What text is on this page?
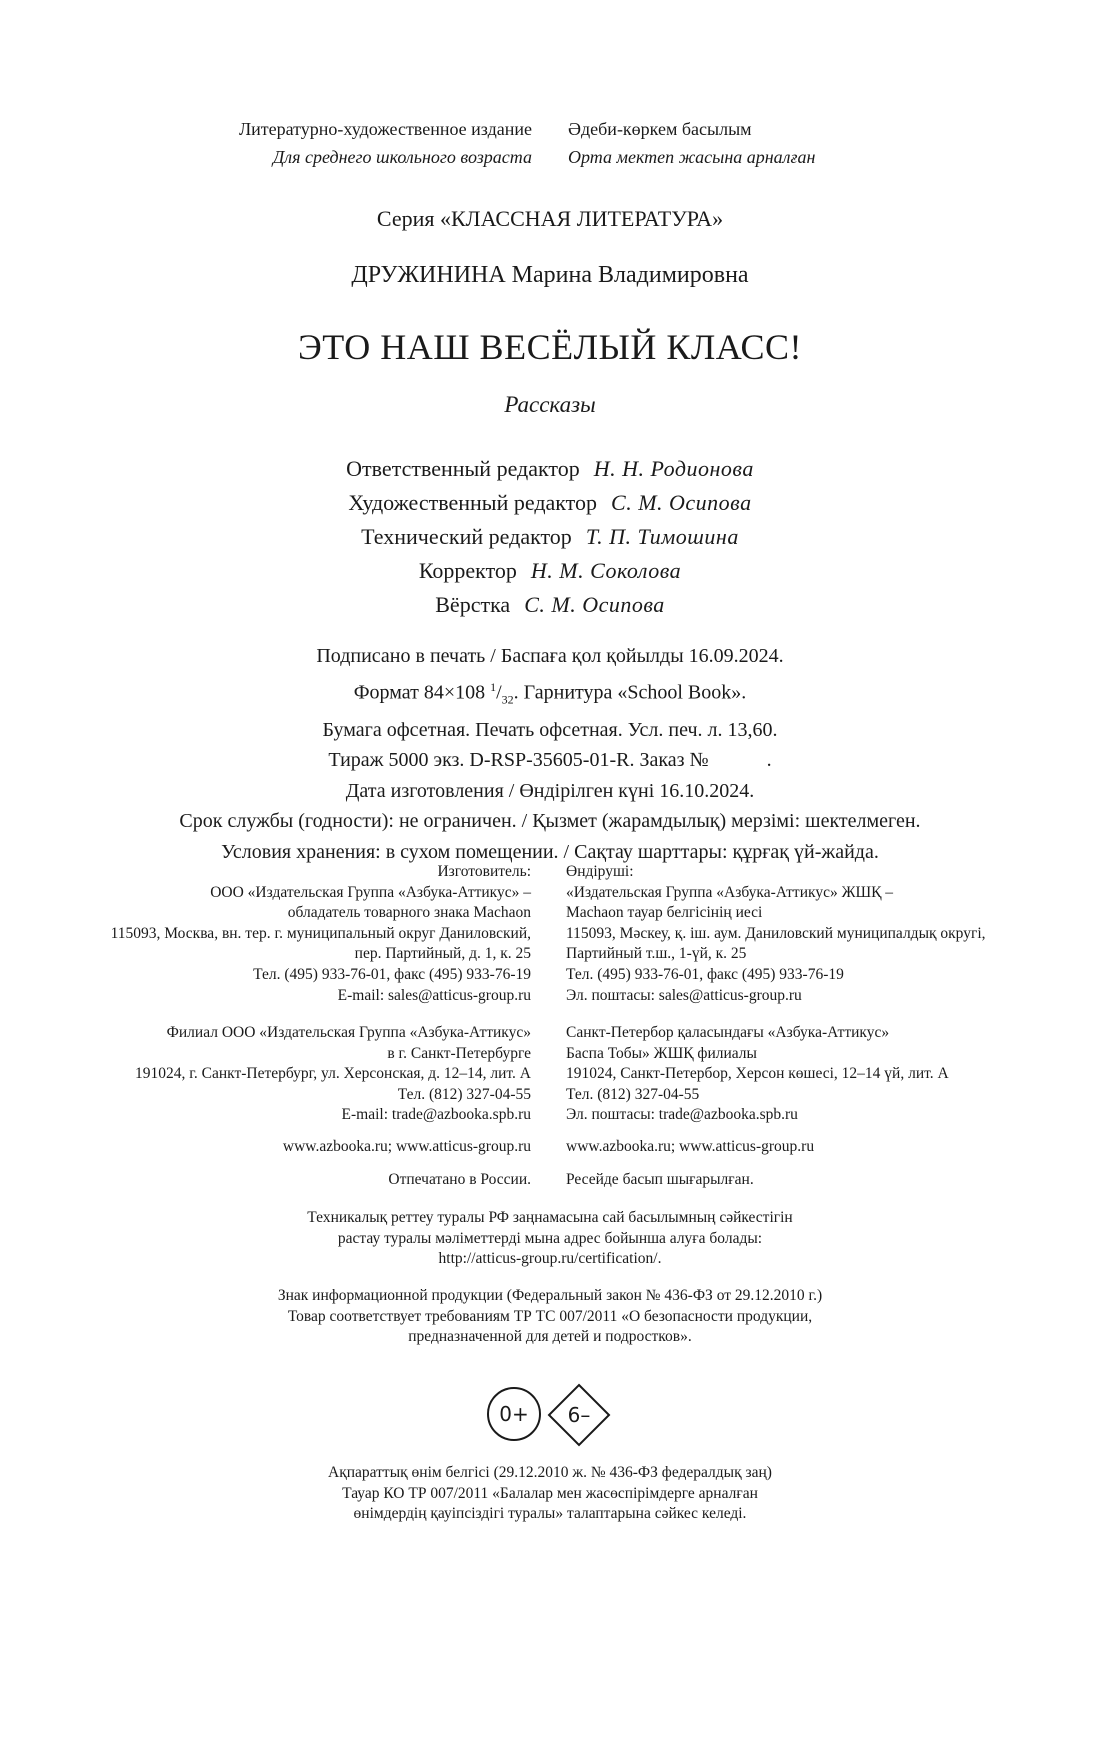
Литературно-художественное издание
Для среднего школьного возраста
Әдеби-көркем басылым
Орта мектеп жасына арналған
Серия «КЛАССНАЯ ЛИТЕРАТУРА»
ДРУЖИНИНА Марина Владимировна
ЭТО НАШ ВЕСЁЛЫЙ КЛАСС!
Рассказы
Ответственный редактор Н. Н. Родионова
Художественный редактор С. М. Осипова
Технический редактор Т. П. Тимошина
Корректор Н. М. Соколова
Вёрстка С. М. Осипова
Подписано в печать / Баспаға қол қойылды 16.09.2024.
Формат 84×108 $^1/_{32}$. Гарнитура «School Book».
Бумага офсетная. Печать офсетная. Усл. печ. л. 13,60.
Тираж 5000 экз. D-RSP-35605-01-R. Заказ №	.
Дата изготовления / Өндірілген күні 16.10.2024.
Срок службы (годности): не ограничен. / Қызмет (жарамдылық) мерзімі: шектелмеген.
Условия хранения: в сухом помещении. / Сақтау шарттары: құрғақ үй-жайда.
Изготовитель:
ООО «Издательская Группа «Азбука-Аттикус» –
обладатель товарного знака Machaon
115093, Москва, вн. тер. г. муниципальный округ Даниловский,
пер. Партийный, д. 1, к. 25
Тел. (495) 933-76-01, факс (495) 933-76-19
E-mail: sales@atticus-group.ru
Өндіруші:
«Издательская Группа «Азбука-Аттикус» ЖШҚ –
Machaon тауар белгісінің иесі
115093, Мәскеу, қ. іш. аум. Даниловский муниципалдық округі,
Партийный т.ш., 1-үй, к. 25
Тел. (495) 933-76-01, факс (495) 933-76-19
Эл. поштасы: sales@atticus-group.ru
Филиал ООО «Издательская Группа «Азбука-Аттикус»
в г. Санкт-Петербурге
191024, г. Санкт-Петербург, ул. Херсонская, д. 12–14, лит. А
Тел. (812) 327-04-55
E-mail: trade@azbooka.spb.ru
Санкт-Петербор қаласындағы «Азбука-Аттикус»
Баспа Тобы» ЖШҚ филиалы
191024, Санкт-Петербор, Херсон көшесі, 12–14 үй, лит. А
Тел. (812) 327-04-55
Эл. поштасы: trade@azbooka.spb.ru
www.azbooka.ru; www.atticus-group.ru www.azbooka.ru; www.atticus-group.ru
Отпечатано в России. Ресейде басып шығарылған.
Техникалық реттеу туралы РФ заңнамасына сай басылымның сәйкестігін
растау туралы мәліметтерді мына адрес бойынша алуға болады:
http://atticus-group.ru/certification/.
Знак информационной продукции (Федеральный закон № 436-ФЗ от 29.12.2010 г.)
Товар соответствует требованиям ТР ТС 007/2011 «О безопасности продукции,
предназначенной для детей и подростков».
0+	6–
Ақпараттық өнім белгісі (29.12.2010 ж. № 436-ФЗ федералдық заң)
Тауар КО ТР 007/2011 «Балалар мен жасөспірімдерге арналған
өнімдердің қауіпсіздігі туралы» талаптарына сәйкес келеді.
